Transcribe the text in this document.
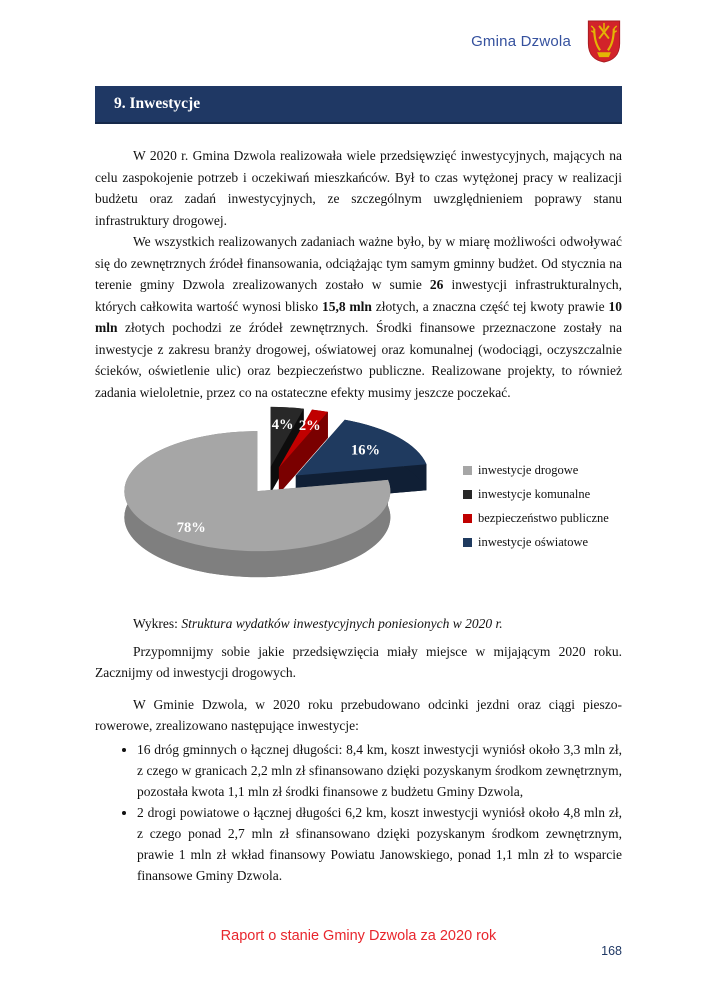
Gmina Dzwola
9. Inwestycje

W 2020 r. Gmina Dzwola realizowała wiele przedsięwzięć inwestycyjnych, mających na celu zaspokojenie potrzeb i oczekiwań mieszkańców. Był to czas wytężonej pracy w realizacji budżetu oraz zadań inwestycyjnych, ze szczególnym uwzględnieniem poprawy stanu infrastruktury drogowej.

We wszystkich realizowanych zadaniach ważne było, by w miarę możliwości odwoływać się do zewnętrznych źródeł finansowania, odciążając tym samym gminny budżet. Od stycznia na terenie gminy Dzwola zrealizowanych zostało w sumie 26 inwestycji infrastrukturalnych, których całkowita wartość wynosi blisko 15,8 mln złotych, a znaczna część tej kwoty prawie 10 mln złotych pochodzi ze źródeł zewnętrznych. Środki finansowe przeznaczone zostały na inwestycje z zakresu branży drogowej, oświatowej oraz komunalnej (wodociągi, oczyszczalnie ścieków, oświetlenie ulic) oraz bezpieczeństwo publiczne. Realizowane projekty, to również zadania wieloletnie, przez co na ostateczne efekty musimy jeszcze poczekać.

4% 2%
16%
78%
inwestycje drogowe
inwestycje komunalne
bezpieczeństwo publiczne
inwestycje oświatowe

Wykres: Struktura wydatków inwestycyjnych poniesionych w 2020 r.

Przypomnijmy sobie jakie przedsięwzięcia miały miejsce w mijającym 2020 roku. Zacznijmy od inwestycji drogowych.

W Gminie Dzwola, w 2020 roku przebudowano odcinki jezdni oraz ciągi pieszo-rowerowe, zrealizowano następujące inwestycje:

• 16 dróg gminnych o łącznej długości: 8,4 km, koszt inwestycji wyniósł około 3,3 mln zł, z czego w granicach 2,2 mln zł sfinansowano dzięki pozyskanym środkom zewnętrznym, pozostała kwota 1,1 mln zł środki finansowe z budżetu Gminy Dzwola,
• 2 drogi powiatowe o łącznej długości 6,2 km, koszt inwestycji wyniósł około 4,8 mln zł, z czego ponad 2,7 mln zł sfinansowano dzięki pozyskanym środkom zewnętrznym, prawie 1 mln zł wkład finansowy Powiatu Janowskiego, ponad 1,1 mln zł to wsparcie finansowe Gminy Dzwola.
Raport o stanie Gminy Dzwola za 2020 rok
168
